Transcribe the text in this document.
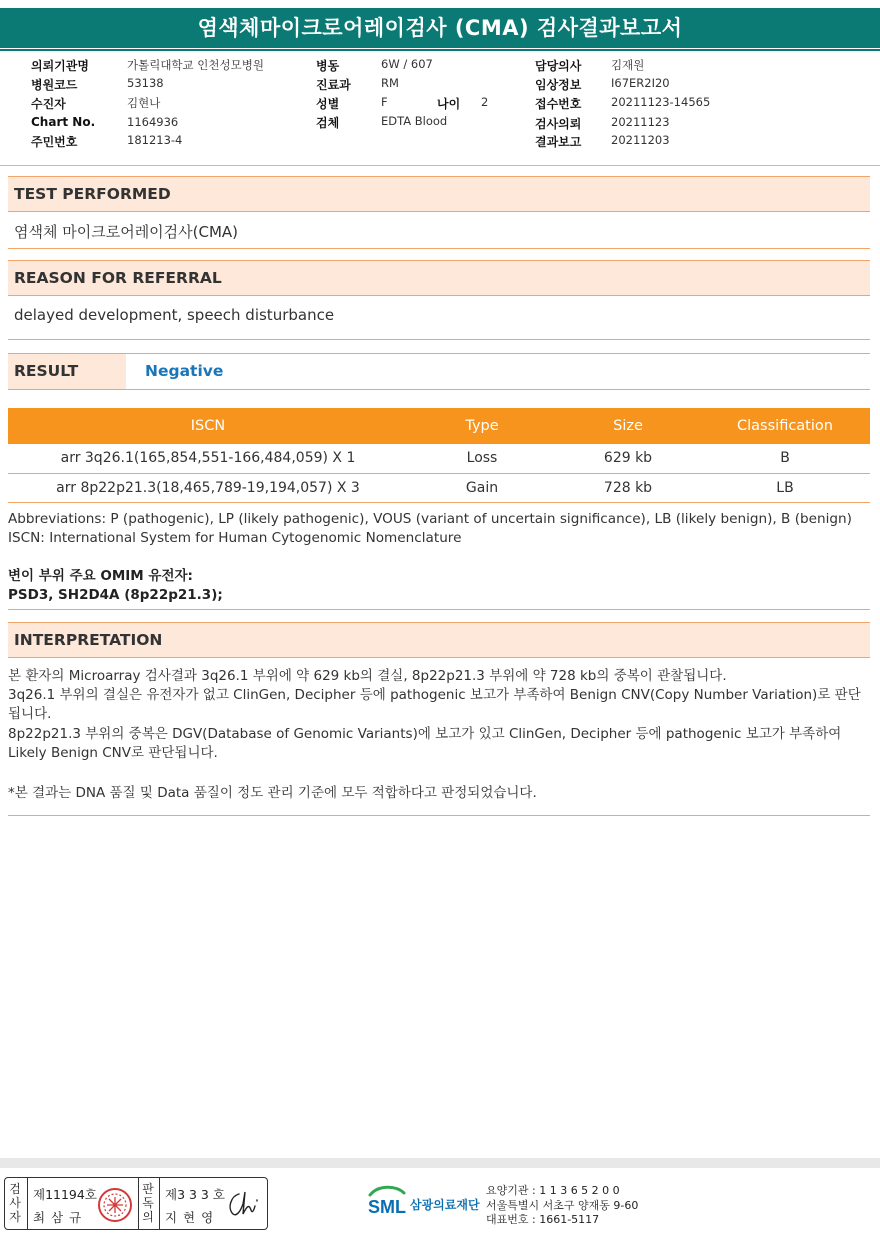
염색체마이크로어레이검사 (CMA) 검사결과보고서
의뢰기관명	가톨릭대학교 인천성모병원
병원코드	53138
수진자	김현나
Chart No.	1164936
주민번호	181213-4
병동	6W / 607
진료과	RM
성별	F	나이 2
검체	EDTA Blood
담당의사	김재원
임상정보	I67ER2I20
접수번호	20211123-14565
검사의뢰	20211123
결과보고	20211203
TEST PERFORMED
염색체 마이크로어레이검사(CMA)
REASON FOR REFERRAL
delayed development, speech disturbance
RESULT	Negative
ISCN	Type	Size	Classification
arr 3q26.1(165,854,551-166,484,059) X 1	Loss	629 kb	B
arr 8p22p21.3(18,465,789-19,194,057) X 3	Gain	728 kb	LB
Abbreviations: P (pathogenic), LP (likely pathogenic), VOUS (variant of uncertain significance), LB (likely benign), B (benign)
ISCN: International System for Human Cytogenomic Nomenclature
변이 부위 주요 OMIM 유전자:
PSD3, SH2D4A (8p22p21.3);
INTERPRETATION

본 환자의 Microarray 검사결과 3q26.1 부위에 약 629 kb의 결실, 8p22p21.3 부위에 약 728 kb의 중복이 관찰됩니다.

3q26.1 부위의 결실은 유전자가 없고 ClinGen, Decipher 등에 pathogenic 보고가 부족하여 Benign CNV(Copy Number Variation)로 판단됩니다.

8p22p21.3 부위의 중복은 DGV(Database of Genomic Variants)에 보고가 있고 ClinGen, Decipher 등에 pathogenic 보고가 부족하여 Likely Benign CNV로 판단됩니다.

*본 결과는 DNA 품질 및 Data 품질이 정도 관리 기준에 모두 적합하다고 판정되었습니다.
검사자
제11194호
최 삼 규
판독의
제3 3 3 호
지 현 영
SML 삼광의료재단
요양기관 : 1 1 3 6 5 2 0 0
서울특별시 서초구 양재동 9-60
대표번호 : 1661-5117
